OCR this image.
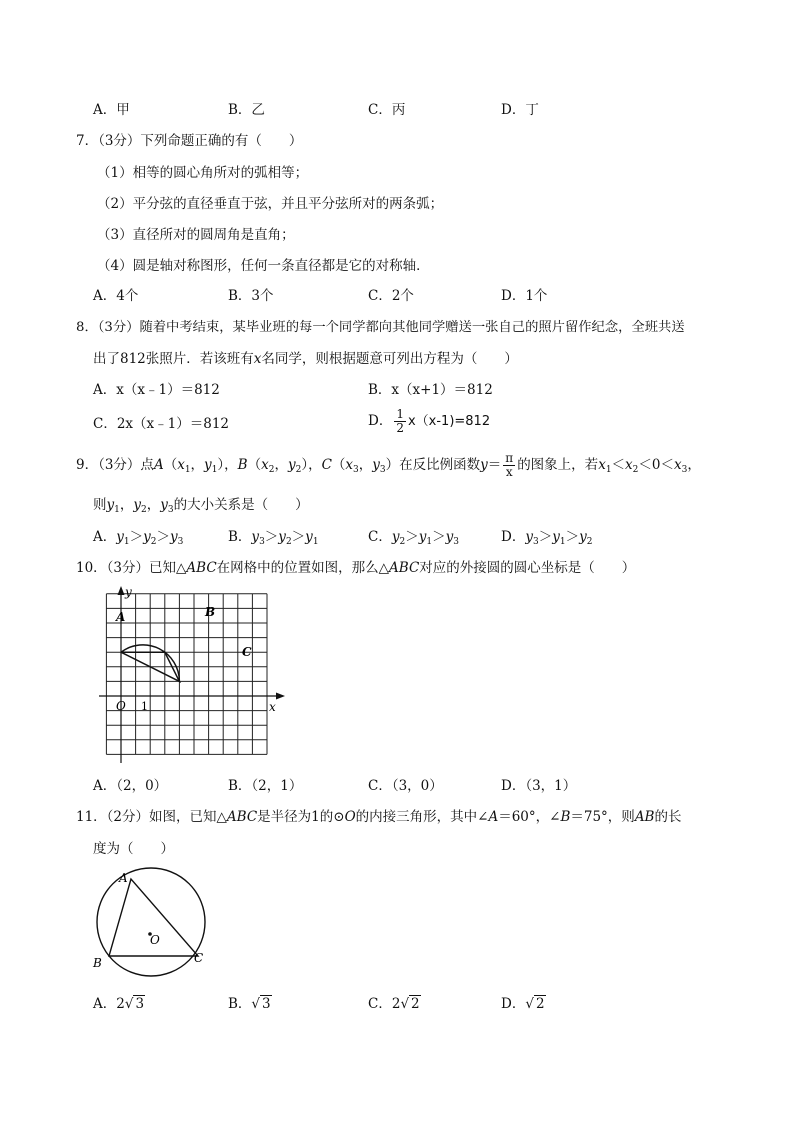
A．甲	B．乙	C．丙	D．丁
7．（3分）下列命题正确的有（　　）
（1）相等的圆心角所对的弧相等；
（2）平分弦的直径垂直于弦，并且平分弦所对的两条弧；
（3）直径所对的圆周角是直角；
（4）圆是轴对称图形，任何一条直径都是它的对称轴．
A．4个	B．3个	C．2个	D．1个
8．（3分）随着中考结束，某毕业班的每一个同学都向其他同学赠送一张自己的照片留作纪念，全班共送
出了812张照片．若该班有x名同学，则根据题意可列出方程为（　　）
A．x（x﹣1）＝812	B．x（x+1）＝812
C．2x（x﹣1）＝812	D． $\frac{1}{2} x(x-1)=812$
9．（3分）点$A(x_1$，$y_1$），$B(x_2$，$y_2$），$C(x_3$，$y_3$）在反比例函数$y= \frac{\pi}{x}$ 的图象上，若$x_1<x_2<0<x_3$，
则$y_1$，$y_2$，$y_3$的大小关系是（　　）
A．$y_1>y_2>y_3$	B．$y_3>y_2>y_1$	C．$y_2>y_1>y_3$	D．$y_3>y_1>y_2$
10．（3分）已知△ABC在网格中的位置如图，那么△ABC对应的外接圆的圆心坐标是（　　）
y
x
O 1
A	B
C
A．（2，0）	B．（2，1）	C．（3，0）	D．（3，1）
11．（2分）如图，已知△ABC是半径为1的⊙O的内接三角形，其中∠A＝60°，∠B＝75°，则AB的长
度为（　　）
A
B	C
O
A．2√ 3	B．√ 3	C．2√ 2	D．√ 2
